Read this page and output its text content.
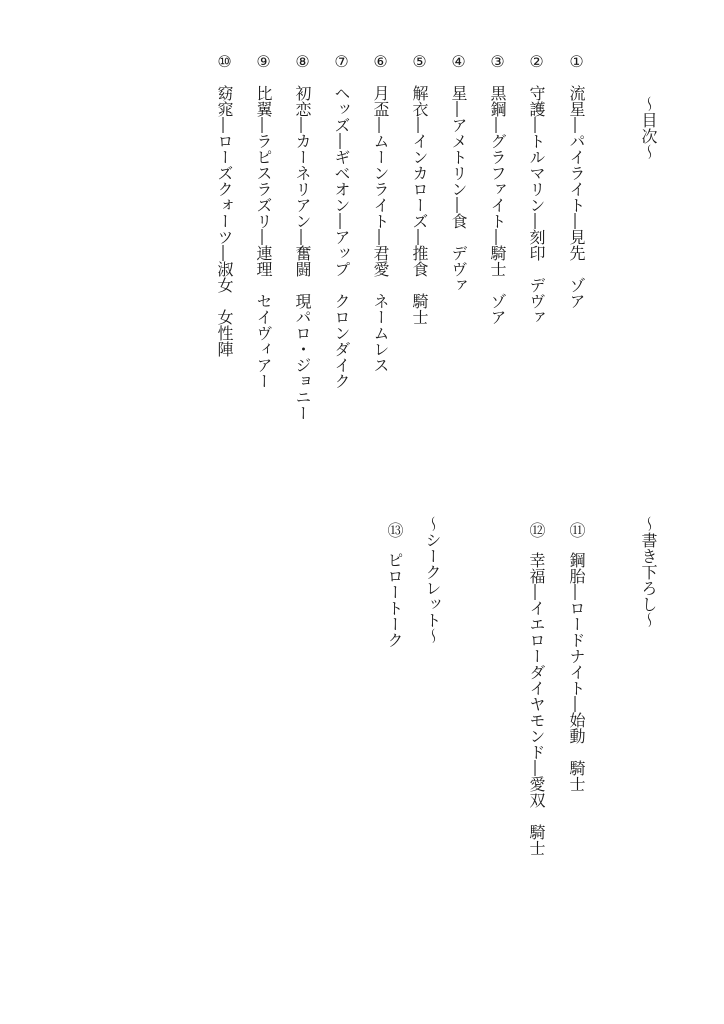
～目次～
①流星―パイライト―見先ゾア
②守護―トルマリン―刻印デヴァ
③黒鋼―グラファイト―騎士ゾア
④星―アメトリン―食デヴァ
⑤解衣―インカローズ―推食騎士
⑥月盃―ムーンライト―君愛ネームレス
⑦ヘッズ―ギベオン―アップクロンダイク
⑧初恋―カーネリアン―奮闘現パロ・ジョニー
⑨比翼―ラピスラズリ―連理セイヴィアー
⑩窈窕―ローズクォーツ―淑女女性陣
～書き下ろし～
⑪鋼胎―ロードナイト―始動騎士
⑫幸福―イエローダイヤモンド―愛双騎士
～シークレット～
⑬ピロートーク
